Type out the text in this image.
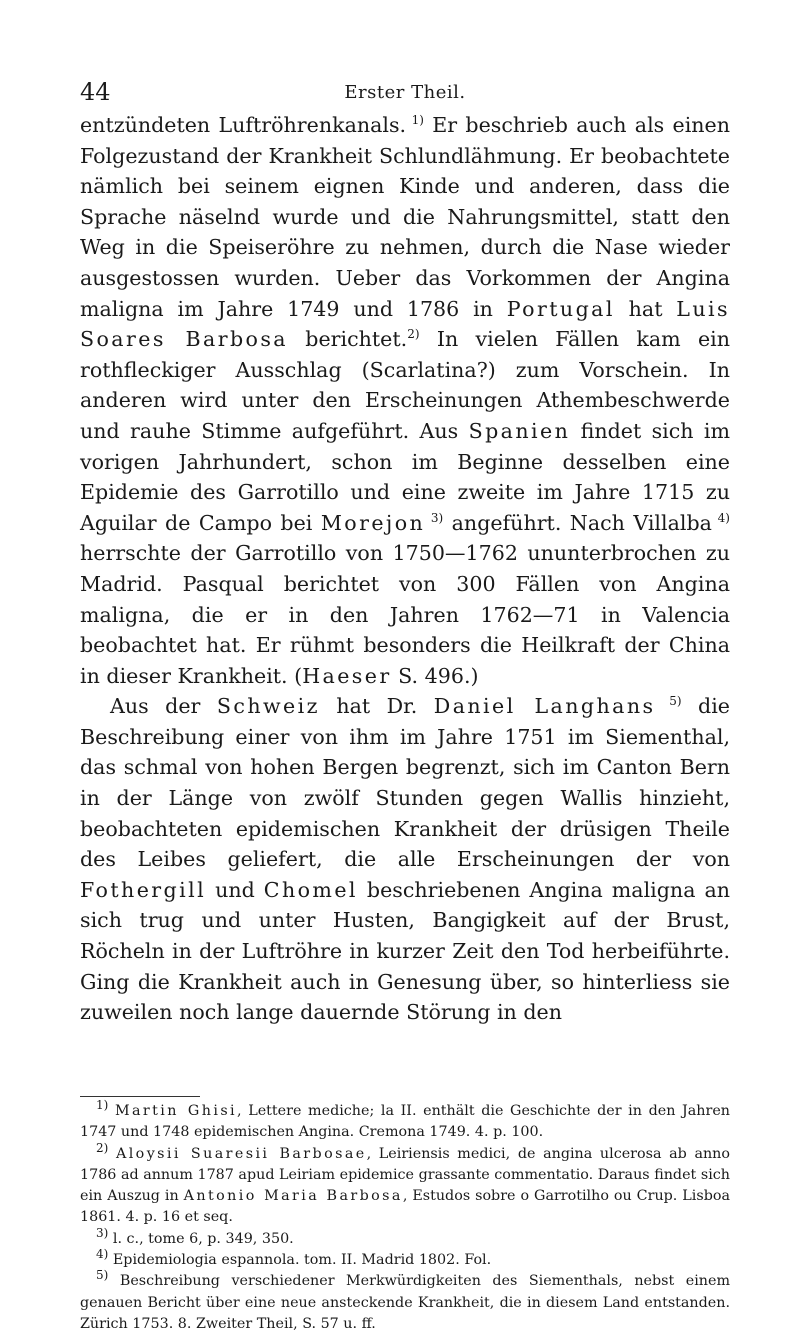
44	Erster Theil.

entzündeten Luftröhrenkanals. $^{1)}$ Er beschrieb auch als einen Folgezustand der Krankheit Schlundlähmung. Er beobachtete nämlich bei seinem eignen Kinde und anderen, dass die Sprache näselnd wurde und die Nahrungsmittel, statt den Weg in die Speiseröhre zu nehmen, durch die Nase wieder ausgestossen wurden. Ueber das Vorkommen der Angina maligna im Jahre 1749 und 1786 in Portugal hat Luis Soares Barbosa berichtet.$^{2)}$ In vielen Fällen kam ein rothfleckiger Ausschlag (Scarlatina?) zum Vorschein. In anderen wird unter den Erscheinungen Athembeschwerde und rauhe Stimme aufgeführt. Aus Spanien findet sich im vorigen Jahrhundert, schon im Beginne desselben eine Epidemie des Garrotillo und eine zweite im Jahre 1715 zu Aguilar de Campo bei Morejon $^{3)}$ angeführt. Nach Villalba $^{4)}$ herrschte der Garrotillo von 1750—1762 ununterbrochen zu Madrid. Pasqual berichtet von 300 Fällen von Angina maligna, die er in den Jahren 1762—71 in Valencia beobachtet hat. Er rühmt besonders die Heilkraft der China in dieser Krankheit. (Haeser S. 496.)

Aus der Schweiz hat Dr. Daniel Langhans $^{5)}$ die Beschreibung einer von ihm im Jahre 1751 im Siementhal, das schmal von hohen Bergen begrenzt, sich im Canton Bern in der Länge von zwölf Stunden gegen Wallis hinzieht, beobachteten epidemischen Krankheit der drüsigen Theile des Leibes geliefert, die alle Erscheinungen der von Fothergill und Chomel beschriebenen Angina maligna an sich trug und unter Husten, Bangigkeit auf der Brust, Röcheln in der Luftröhre in kurzer Zeit den Tod herbeiführte. Ging die Krankheit auch in Genesung über, so hinterliess sie zuweilen noch lange dauernde Störung in den

$^{1)}$ Martin Ghisi, Lettere mediche; la II. enthält die Geschichte der in den Jahren 1747 und 1748 epidemischen Angina. Cremona 1749. 4. p. 100.

$^{2)}$ Aloysii Suaresii Barbosae, Leiriensis medici, de angina ulcerosa ab anno 1786 ad annum 1787 apud Leiriam epidemice grassante commentatio. Daraus findet sich ein Auszug in Antonio Maria Barbosa, Estudos sobre o Garrotilho ou Crup. Lisboa 1861. 4. p. 16 et seq.

$^{3)}$ l. c., tome 6, p. 349, 350.

$^{4)}$ Epidemiologia espannola. tom. II. Madrid 1802. Fol.

$^{5)}$ Beschreibung verschiedener Merkwürdigkeiten des Siementhals, nebst einem genauen Bericht über eine neue ansteckende Krankheit, die in diesem Land entstanden. Zürich 1753. 8. Zweiter Theil, S. 57 u. ff.
